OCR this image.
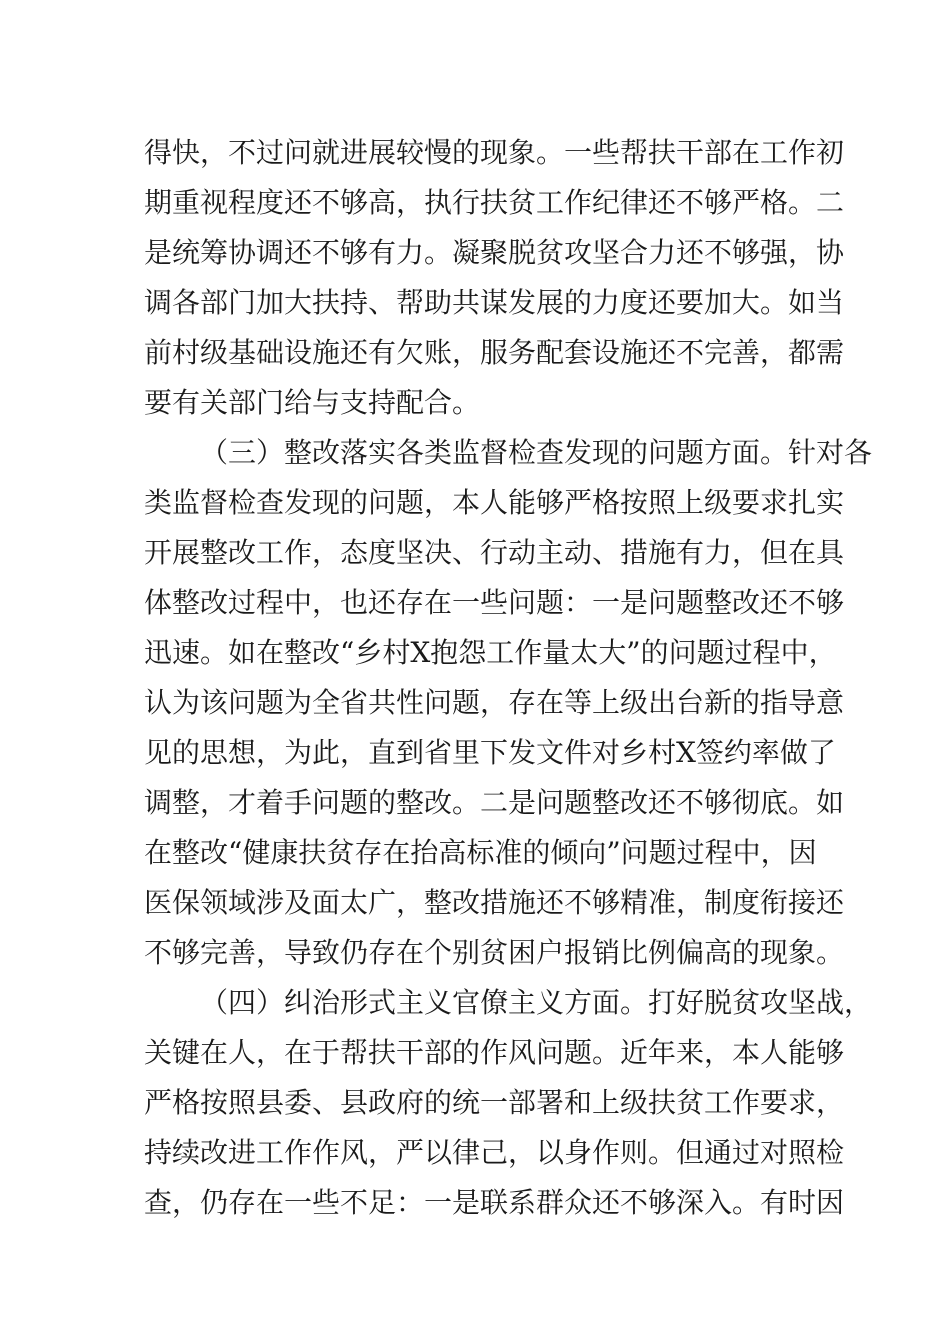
得快，不过问就进展较慢的现象。一些帮扶干部在工作初
期重视程度还不够高，执行扶贫工作纪律还不够严格。二
是统筹协调还不够有力。凝聚脱贫攻坚合力还不够强，协
调各部门加大扶持、帮助共谋发展的力度还要加大。如当
前村级基础设施还有欠账，服务配套设施还不完善，都需
要有关部门给与支持配合。
（三）整改落实各类监督检查发现的问题方面。针对各
类监督检查发现的问题，本人能够严格按照上级要求扎实
开展整改工作，态度坚决、行动主动、措施有力，但在具
体整改过程中，也还存在一些问题：一是问题整改还不够
迅速。如在整改“乡村X抱怨工作量太大”的问题过程中，
认为该问题为全省共性问题，存在等上级出台新的指导意
见的思想，为此，直到省里下发文件对乡村X签约率做了
调整，才着手问题的整改。二是问题整改还不够彻底。如
在整改“健康扶贫存在抬高标准的倾向”问题过程中，因
医保领域涉及面太广，整改措施还不够精准，制度衔接还
不够完善，导致仍存在个别贫困户报销比例偏高的现象。
（四）纠治形式主义官僚主义方面。打好脱贫攻坚战，
关键在人，在于帮扶干部的作风问题。近年来，本人能够
严格按照县委、县政府的统一部署和上级扶贫工作要求，
持续改进工作作风，严以律己，以身作则。但通过对照检
查，仍存在一些不足：一是联系群众还不够深入。有时因
